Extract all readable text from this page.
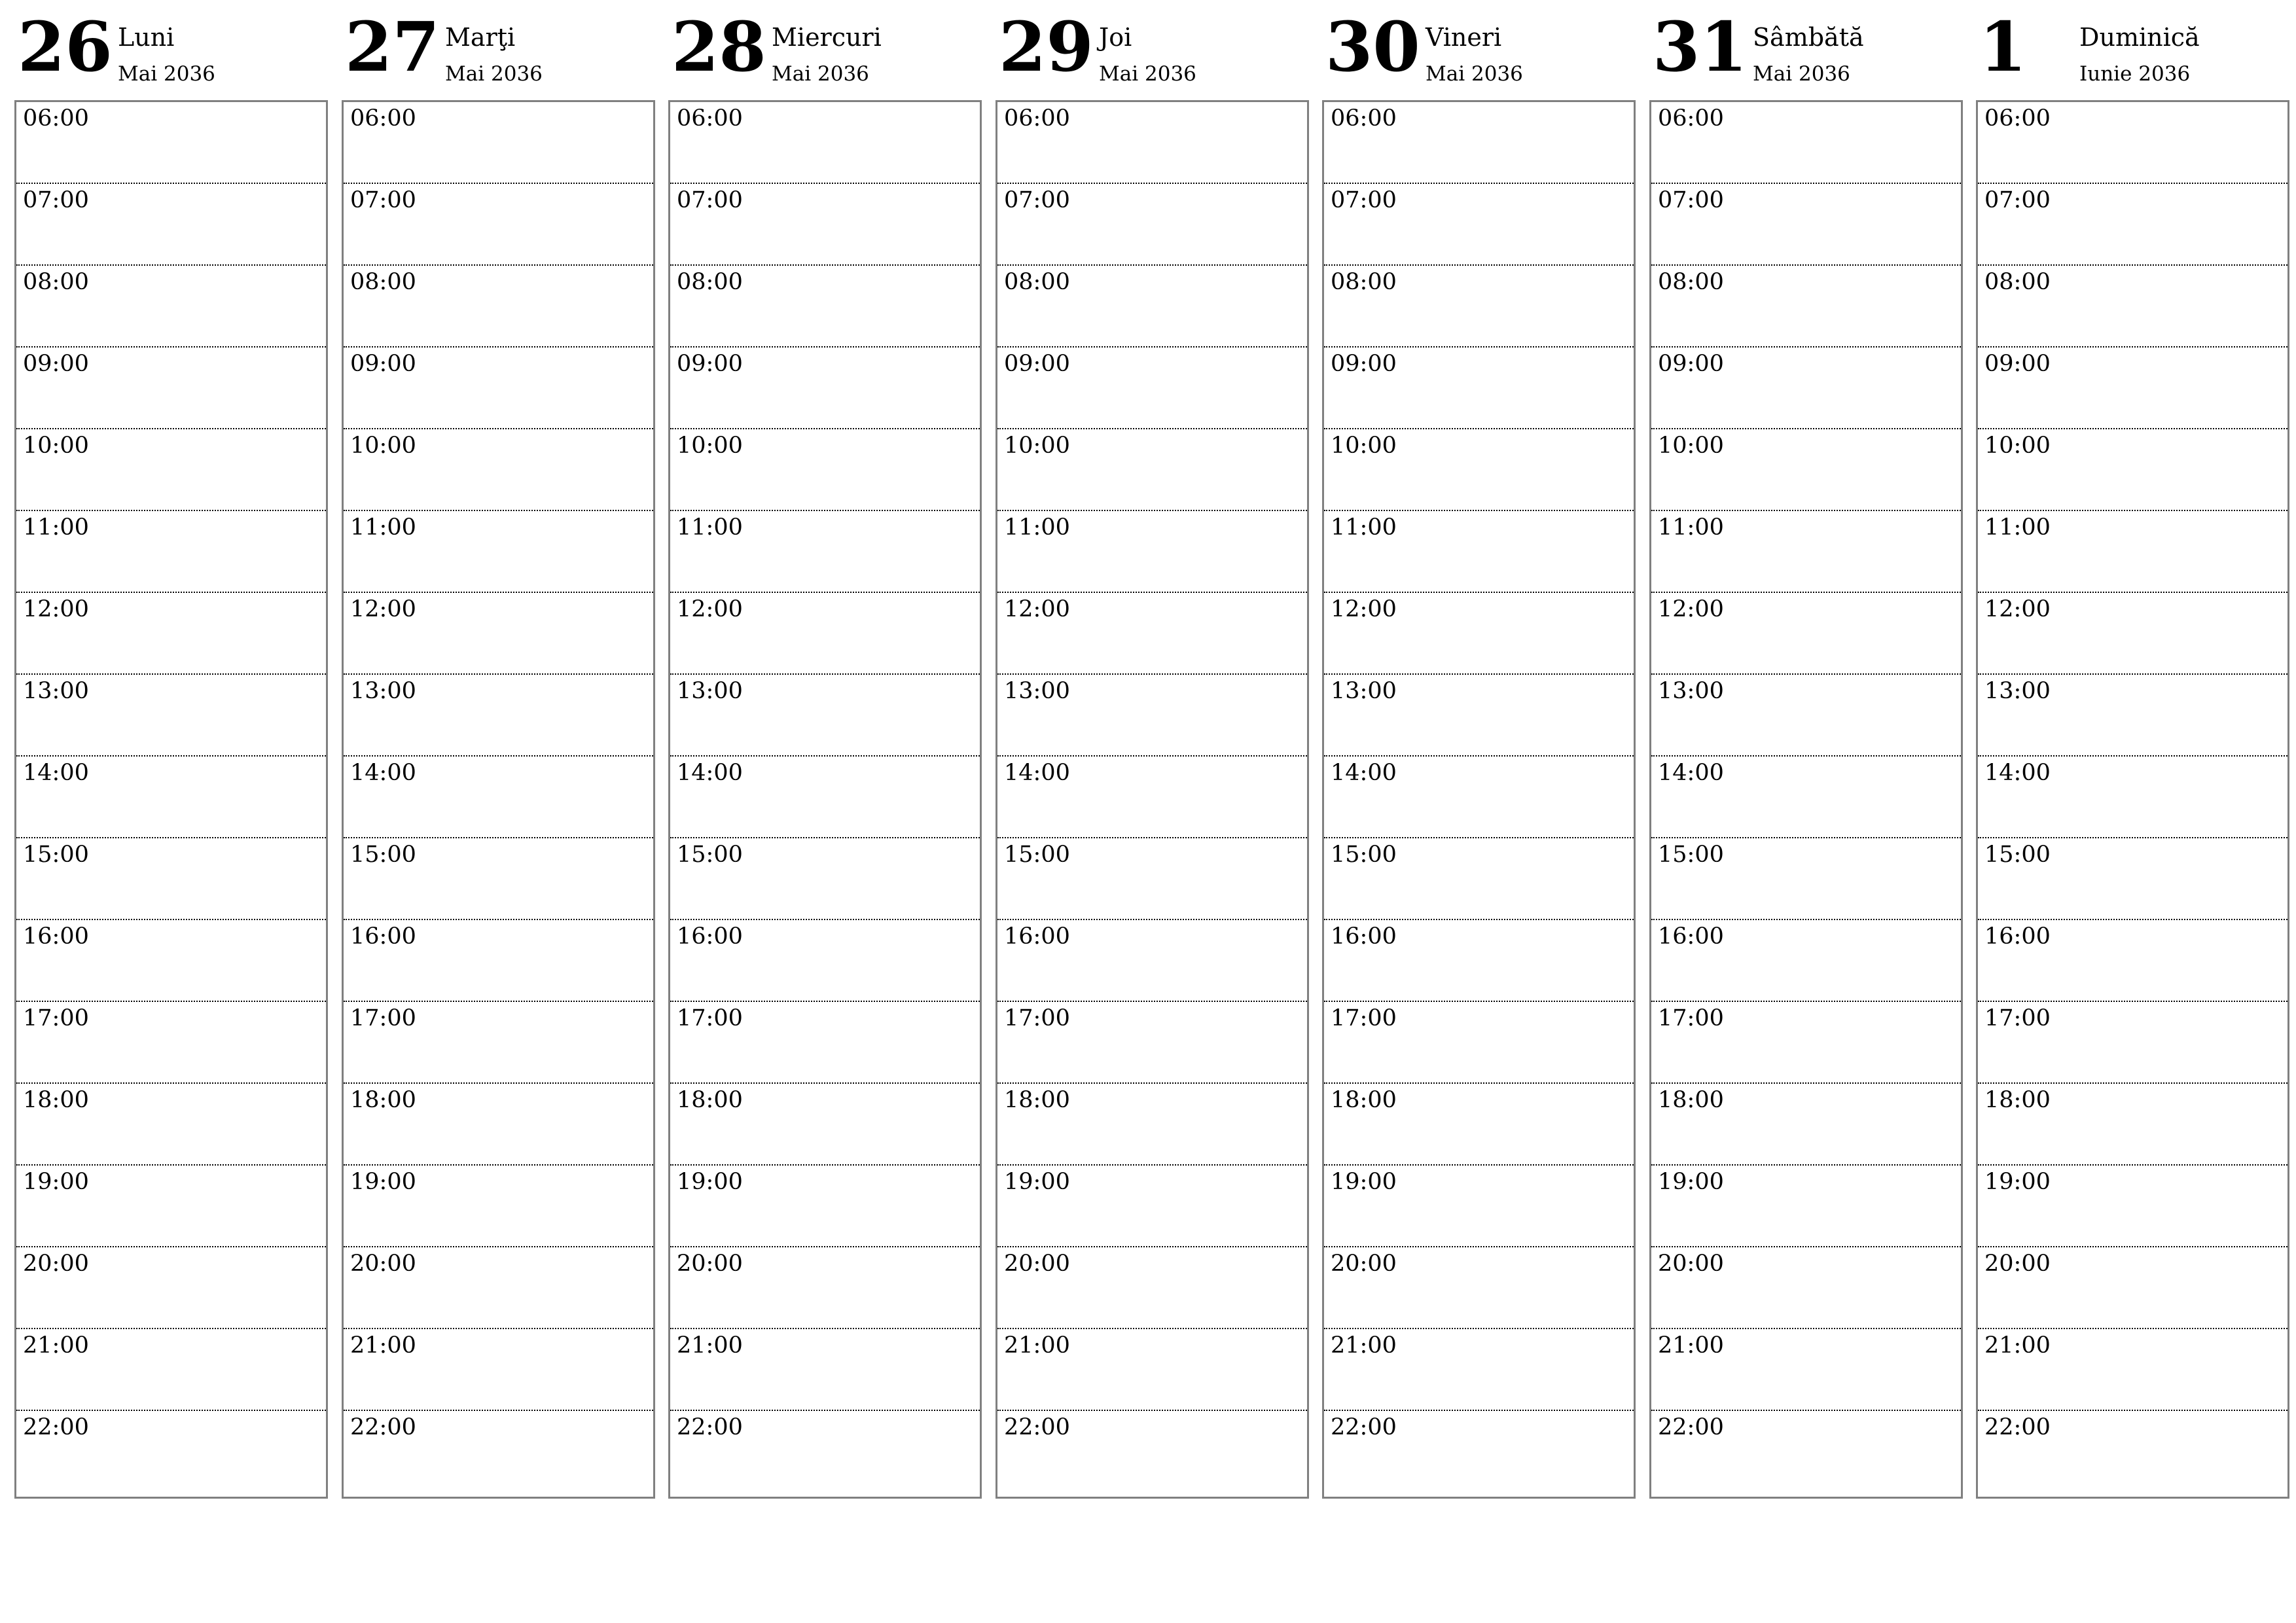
26 Luni
Mai 2036
06:00
07:00
08:00
09:00
10:00
11:00
12:00
13:00
14:00
15:00
16:00
17:00
18:00
19:00
20:00
21:00
22:00
27 Marţi
Mai 2036
06:00
07:00
08:00
09:00
10:00
11:00
12:00
13:00
14:00
15:00
16:00
17:00
18:00
19:00
20:00
21:00
22:00
28 Miercuri
Mai 2036
06:00
07:00
08:00
09:00
10:00
11:00
12:00
13:00
14:00
15:00
16:00
17:00
18:00
19:00
20:00
21:00
22:00
29 Joi
Mai 2036
06:00
07:00
08:00
09:00
10:00
11:00
12:00
13:00
14:00
15:00
16:00
17:00
18:00
19:00
20:00
21:00
22:00
30 Vineri
Mai 2036
06:00
07:00
08:00
09:00
10:00
11:00
12:00
13:00
14:00
15:00
16:00
17:00
18:00
19:00
20:00
21:00
22:00
31 Sâmbătă
Mai 2036
06:00
07:00
08:00
09:00
10:00
11:00
12:00
13:00
14:00
15:00
16:00
17:00
18:00
19:00
20:00
21:00
22:00
1 Duminică
Iunie 2036
06:00
07:00
08:00
09:00
10:00
11:00
12:00
13:00
14:00
15:00
16:00
17:00
18:00
19:00
20:00
21:00
22:00
